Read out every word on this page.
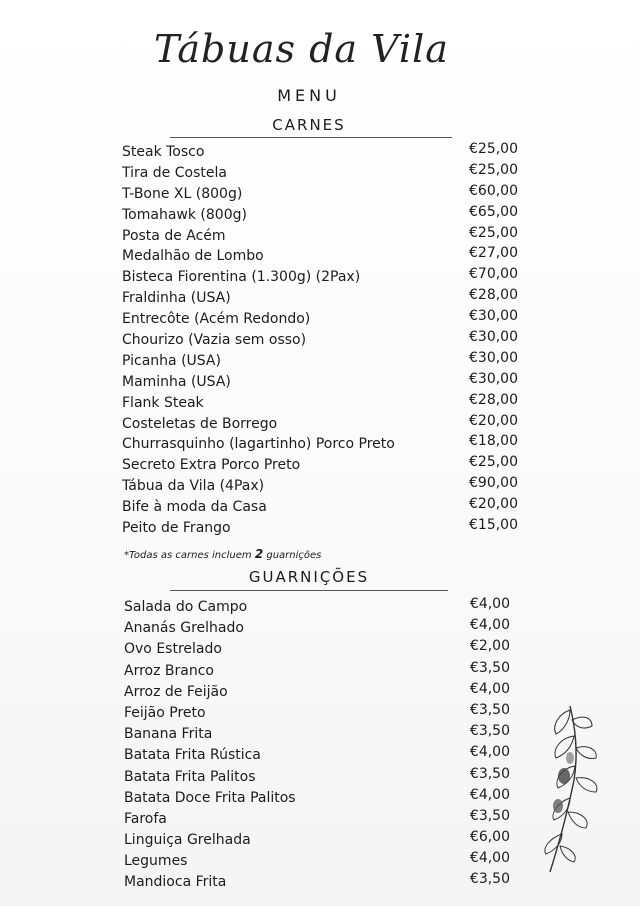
Tábuas da Vila
MENU
CARNES
Steak Tosco	€25,00
Tira de Costela	€25,00
T-Bone XL (800g)	€60,00
Tomahawk (800g)	€65,00
Posta de Acém	€25,00
Medalhão de Lombo	€27,00
Bisteca Fiorentina (1.300g) (2Pax)	€70,00
Fraldinha (USA)	€28,00
Entrecôte (Acém Redondo)	€30,00
Chourizo (Vazia sem osso)	€30,00
Picanha (USA)	€30,00
Maminha (USA)	€30,00
Flank Steak	€28,00
Costeletas de Borrego	€20,00
Churrasquinho (lagartinho) Porco Preto	€18,00
Secreto Extra Porco Preto	€25,00
Tábua da Vila (4Pax)	€90,00
Bife à moda da Casa	€20,00
Peito de Frango	€15,00
*Todas as carnes incluem 2 guarnições
GUARNIÇÕES
Salada do Campo	€4,00
Ananás Grelhado	€4,00
Ovo Estrelado	€2,00
Arroz Branco	€3,50
Arroz de Feijão	€4,00
Feijão Preto	€3,50
Banana Frita	€3,50
Batata Frita Rústica	€4,00
Batata Frita Palitos	€3,50
Batata Doce Frita Palitos	€4,00
Farofa	€3,50
Linguiça Grelhada	€6,00
Legumes	€4,00
Mandioca Frita	€3,50
